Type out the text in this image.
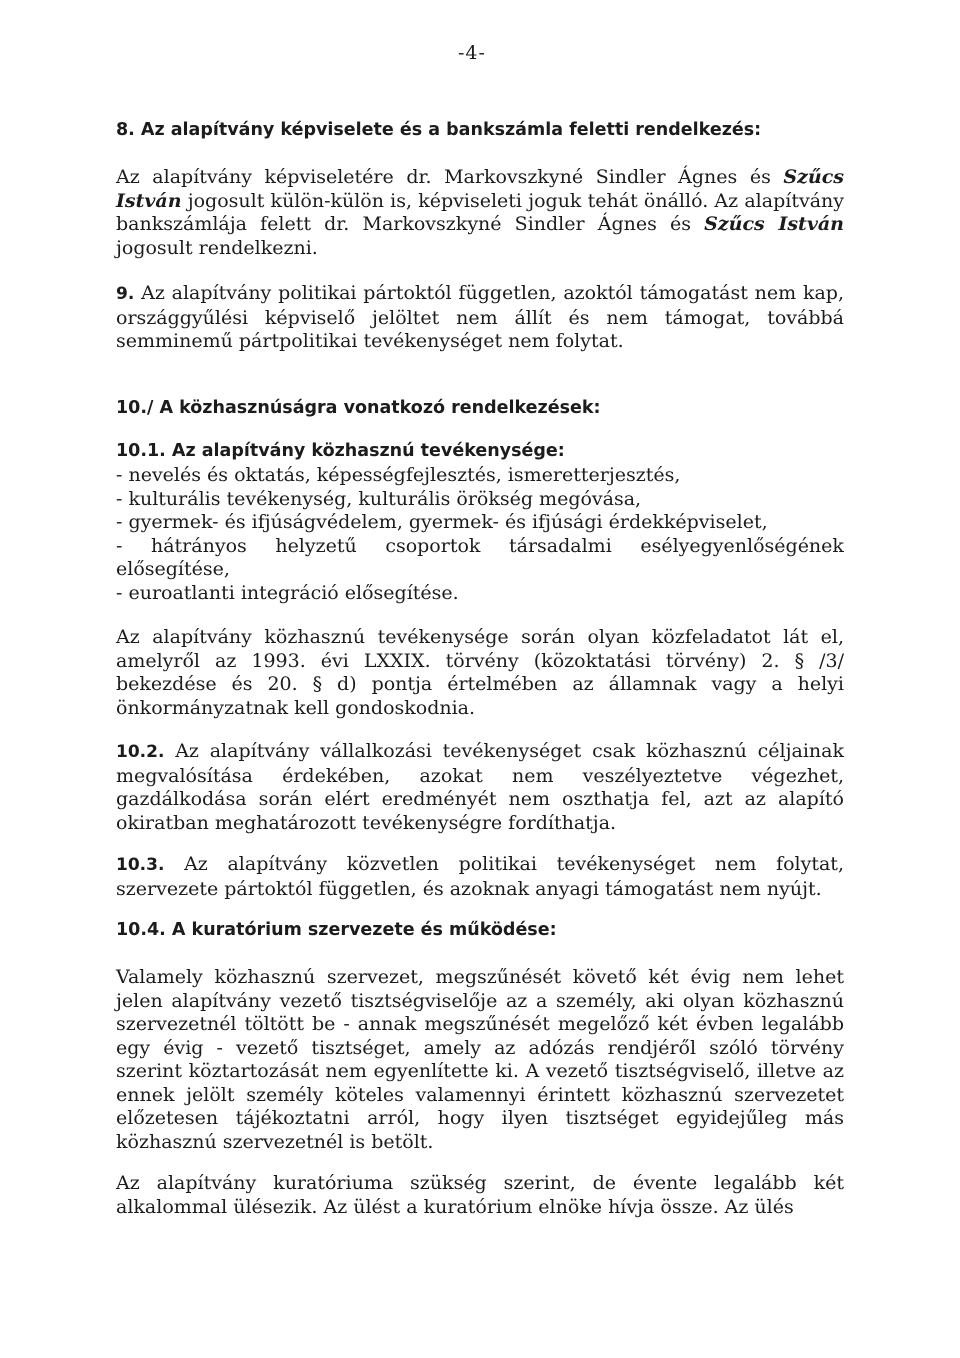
-4-

8. Az alapítvány képviselete és a bankszámla feletti rendelkezés:

Az alapítvány képviseletére dr. Markovszkyné Sindler Ágnes és Szűcs István jogosult külön-külön is, képviseleti joguk tehát önálló. Az alapítvány bankszámlája felett dr. Markovszkyné Sindler Ágnes és Szűcs István jogosult rendelkezni.

9. Az alapítvány politikai pártoktól független, azoktól támogatást nem kap, országgyűlési képviselő jelöltet nem állít és nem támogat, továbbá semminemű pártpolitikai tevékenységet nem folytat.

10./ A közhasznúságra vonatkozó rendelkezések:

10.1. Az alapítvány közhasznú tevékenysége:

- nevelés és oktatás, képességfejlesztés, ismeretterjesztés,
- kulturális tevékenység, kulturális örökség megóvása,
- gyermek- és ifjúságvédelem, gyermek- és ifjúsági érdekképviselet,
- hátrányos helyzetű csoportok társadalmi esélyegyenlőségének
elősegítése,
- euroatlanti integráció elősegítése.

Az alapítvány közhasznú tevékenysége során olyan közfeladatot lát el, amelyről az 1993. évi LXXIX. törvény (közoktatási törvény) 2. § /3/ bekezdése és 20. § d) pontja értelmében az államnak vagy a helyi önkormányzatnak kell gondoskodnia.

10.2. Az alapítvány vállalkozási tevékenységet csak közhasznú céljainak megvalósítása érdekében, azokat nem veszélyeztetve végezhet, gazdálkodása során elért eredményét nem oszthatja fel, azt az alapító okiratban meghatározott tevékenységre fordíthatja.

10.3. Az alapítvány közvetlen politikai tevékenységet nem folytat, szervezete pártoktól független, és azoknak anyagi támogatást nem nyújt.

10.4. A kuratórium szervezete és működése:

Valamely közhasznú szervezet, megszűnését követő két évig nem lehet jelen alapítvány vezető tisztségviselője az a személy, aki olyan közhasznú szervezetnél töltött be - annak megszűnését megelőző két évben legalább egy évig - vezető tisztséget, amely az adózás rendjéről szóló törvény szerint köztartozását nem egyenlítette ki. A vezető tisztségviselő, illetve az ennek jelölt személy köteles valamennyi érintett közhasznú szervezetet előzetesen tájékoztatni arról, hogy ilyen tisztséget egyidejűleg más közhasznú szervezetnél is betölt.

Az alapítvány kuratóriuma szükség szerint, de évente legalább két alkalommal ülésezik. Az ülést a kuratórium elnöke hívja össze. Az ülés
